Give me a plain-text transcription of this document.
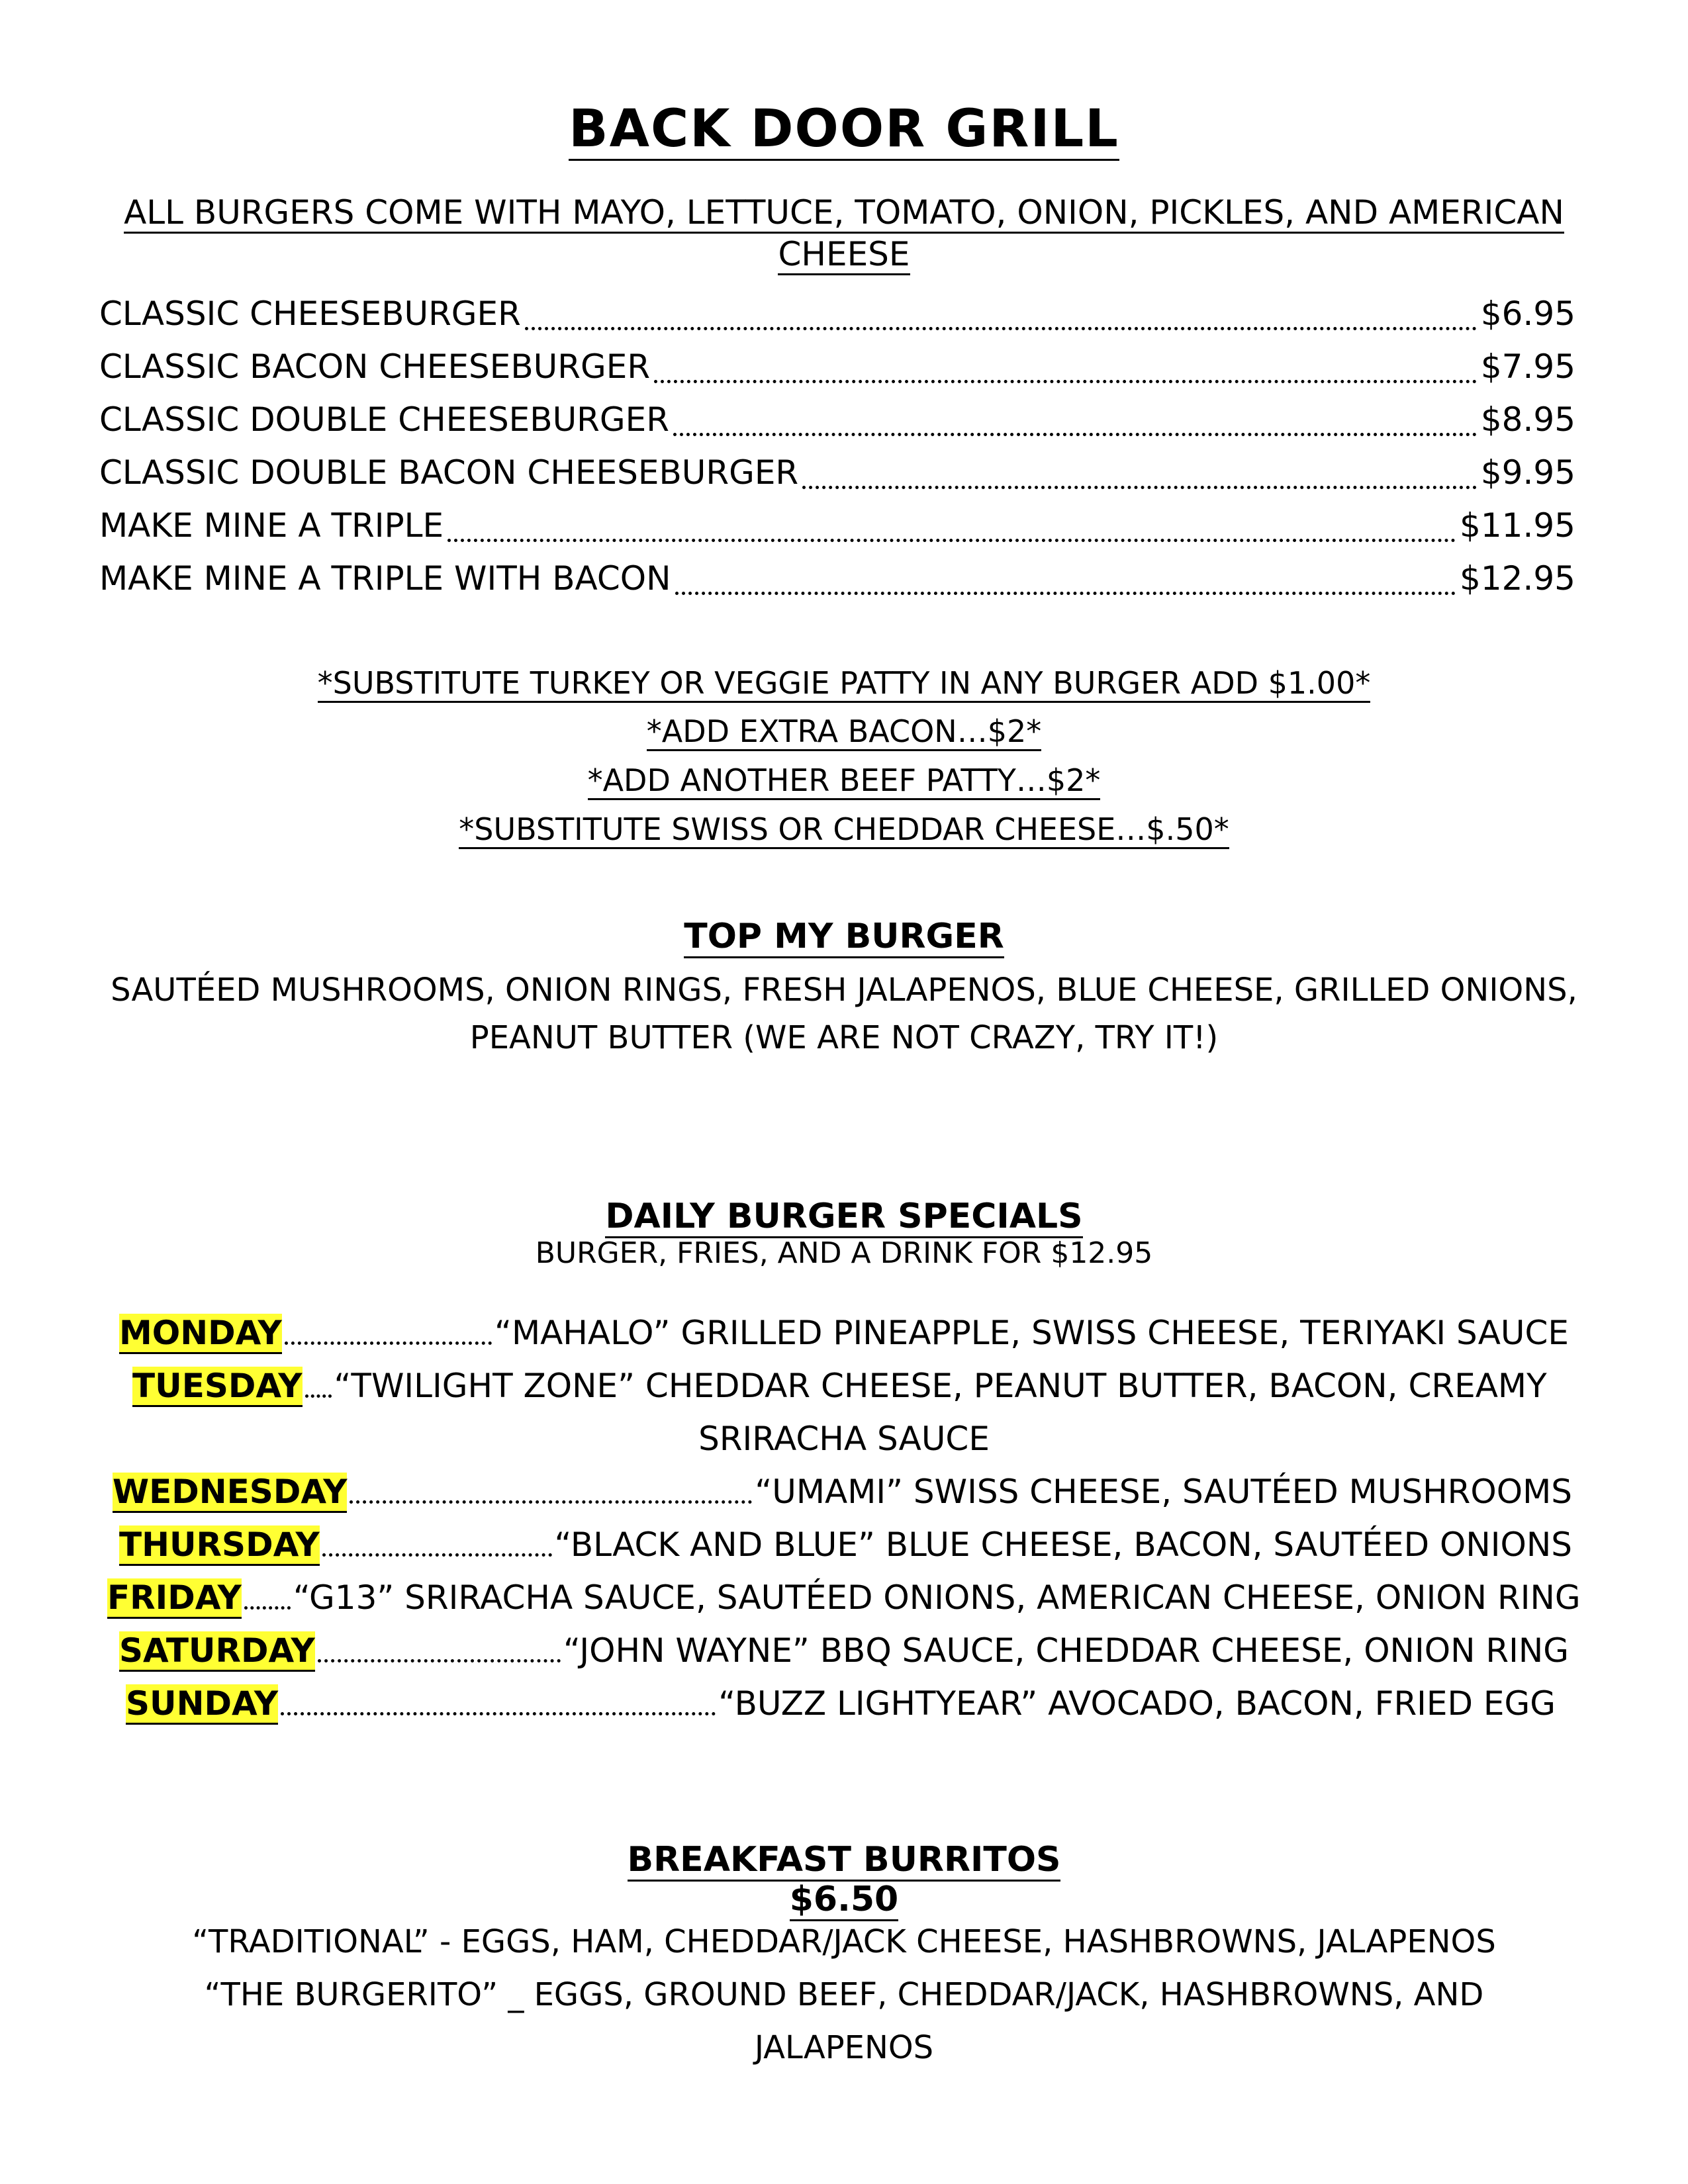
BACK DOOR GRILL
ALL BURGERS COME WITH MAYO, LETTUCE, TOMATO, ONION, PICKLES, AND AMERICAN CHEESE
CLASSIC CHEESEBURGER	$6.95
CLASSIC BACON CHEESEBURGER	$7.95
CLASSIC DOUBLE CHEESEBURGER	$8.95
CLASSIC DOUBLE BACON CHEESEBURGER	$9.95
MAKE MINE A TRIPLE	$11.95
MAKE MINE A TRIPLE WITH BACON	$12.95
*SUBSTITUTE TURKEY OR VEGGIE PATTY IN ANY BURGER ADD $1.00*
*ADD EXTRA BACON…$2*
*ADD ANOTHER BEEF PATTY…$2*
*SUBSTITUTE SWISS OR CHEDDAR CHEESE…$.50*
TOP MY BURGER
SAUTÉED MUSHROOMS, ONION RINGS, FRESH JALAPENOS, BLUE CHEESE, GRILLED ONIONS,
PEANUT BUTTER (WE ARE NOT CRAZY, TRY IT!)
DAILY BURGER SPECIALS
BURGER, FRIES, AND A DRINK FOR $12.95
MONDAY	“MAHALO” GRILLED PINEAPPLE, SWISS CHEESE, TERIYAKI SAUCE
TUESDAY “TWILIGHT ZONE” CHEDDAR CHEESE, PEANUT BUTTER, BACON, CREAMY
SRIRACHA SAUCE
WEDNESDAY	“UMAMI” SWISS CHEESE, SAUTÉED MUSHROOMS
THURSDAY	“BLACK AND BLUE” BLUE CHEESE, BACON, SAUTÉED ONIONS
FRIDAY “G13” SRIRACHA SAUCE, SAUTÉED ONIONS, AMERICAN CHEESE, ONION RING
SATURDAY	“JOHN WAYNE” BBQ SAUCE, CHEDDAR CHEESE, ONION RING
SUNDAY	“BUZZ LIGHTYEAR” AVOCADO, BACON, FRIED EGG
BREAKFAST BURRITOS
$6.50
“TRADITIONAL” - EGGS, HAM, CHEDDAR/JACK CHEESE, HASHBROWNS, JALAPENOS
“THE BURGERITO” _ EGGS, GROUND BEEF, CHEDDAR/JACK, HASHBROWNS, AND
JALAPENOS
